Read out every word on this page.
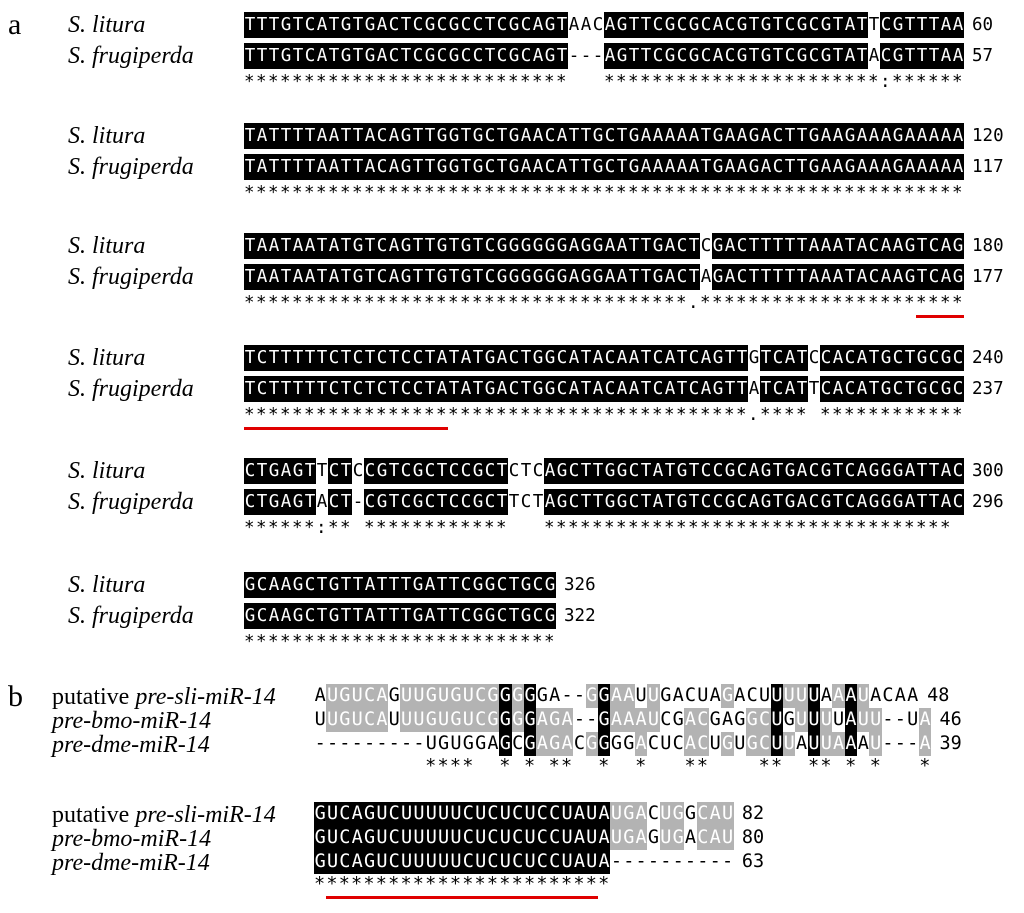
a S. litura	T T T G T C A T G T G A C T C G C G C C T C G C A G T A A C A G T T C G C G C A C G T G T C G C G T A T T C G T T T A A 60
S. frugiperda	T T T G T C A T G T G A C T C G C G C C T C G C A G T - - - A G T T C G C G C A C G T G T C G C G T A T A C G T T T A A 57
***************************   ***********************:******
S. litura	T A T T T T A A T T A C A G T T G G T G C T G A A C A T T G C T G A A A A A T G A A G A C T T G A A G A A A G A A A A A 120
S. frugiperda	T A T T T T A A T T A C A G T T G G T G C T G A A C A T T G C T G A A A A A T G A A G A C T T G A A G A A A G A A A A A 117
************************************************************
S. litura	T A A T A A T A T G T C A G T T G T G T C G G G G G G A G G A A T T G A C T C G A C T T T T T A A A T A C A A G T C A G 180
S. frugiperda	T A A T A A T A T G T C A G T T G T G T C G G G G G G A G G A A T T G A C T A G A C T T T T T A A A T A C A A G T C A G 177
*************************************.**********************
S. litura	T C T T T T T C T C T C T C C T A T A T G A C T G G C A T A C A A T C A T C A G T T G T C A T C C A C A T G C T G C G C 240
S. frugiperda	T C T T T T T C T C T C T C C T A T A T G A C T G G C A T A C A A T C A T C A G T T A T C A T T C A C A T G C T G C G C 237
******************************************.**** ************
S. litura	C T G A G T T C T C C G T C G C T C C G C T C T C A G C T T G G C T A T G T C C G C A G T G A C G T C A G G G A T T A C 300
S. frugiperda	C T G A G T A C T - C G T C G C T C C G C T T C T A G C T T G G C T A T G T C C G C A G T G A C G T C A G G G A T T A C 296
******:** ************   **********************************
S. litura	G C A A G C T G T T A T T T G A T T C G G C T G C G 326
S. frugiperda	G C A A G C T G T T A T T T G A T T C G G C T G C G 322
**************************
b putative pre-sli-miR-14 A U G U C A G U U G U G U C G G G G G A - - G G A A U U G A C U A G A C U U U U U A A A U A C A A 48
pre-bmo-miR-14	U U G U C A U U U G U G U C G G G G A G A - - G A A A U C G A C G A G G C U G U U U U A U U - - U A 46
pre-dme-miR-14	- - - - - - - - - U G U G G A G C G A G A C G G G G A C U C A C U G U G C U U A U U A A A U - - - A 39
****  * * **  *  *   **    **  ** * *   *
putative pre-sli-miR-14 G U C A G U C U U U U U C U C U C U C C U A U A U G A C U G G C A U 82
pre-bmo-miR-14	G U C A G U C U U U U U C U C U C U C C U A U A U G A G U G A C A U 80
pre-dme-miR-14	G U C A G U C U U U U U C U C U C U C C U A U A - - - - - - - - - - 63
************************
